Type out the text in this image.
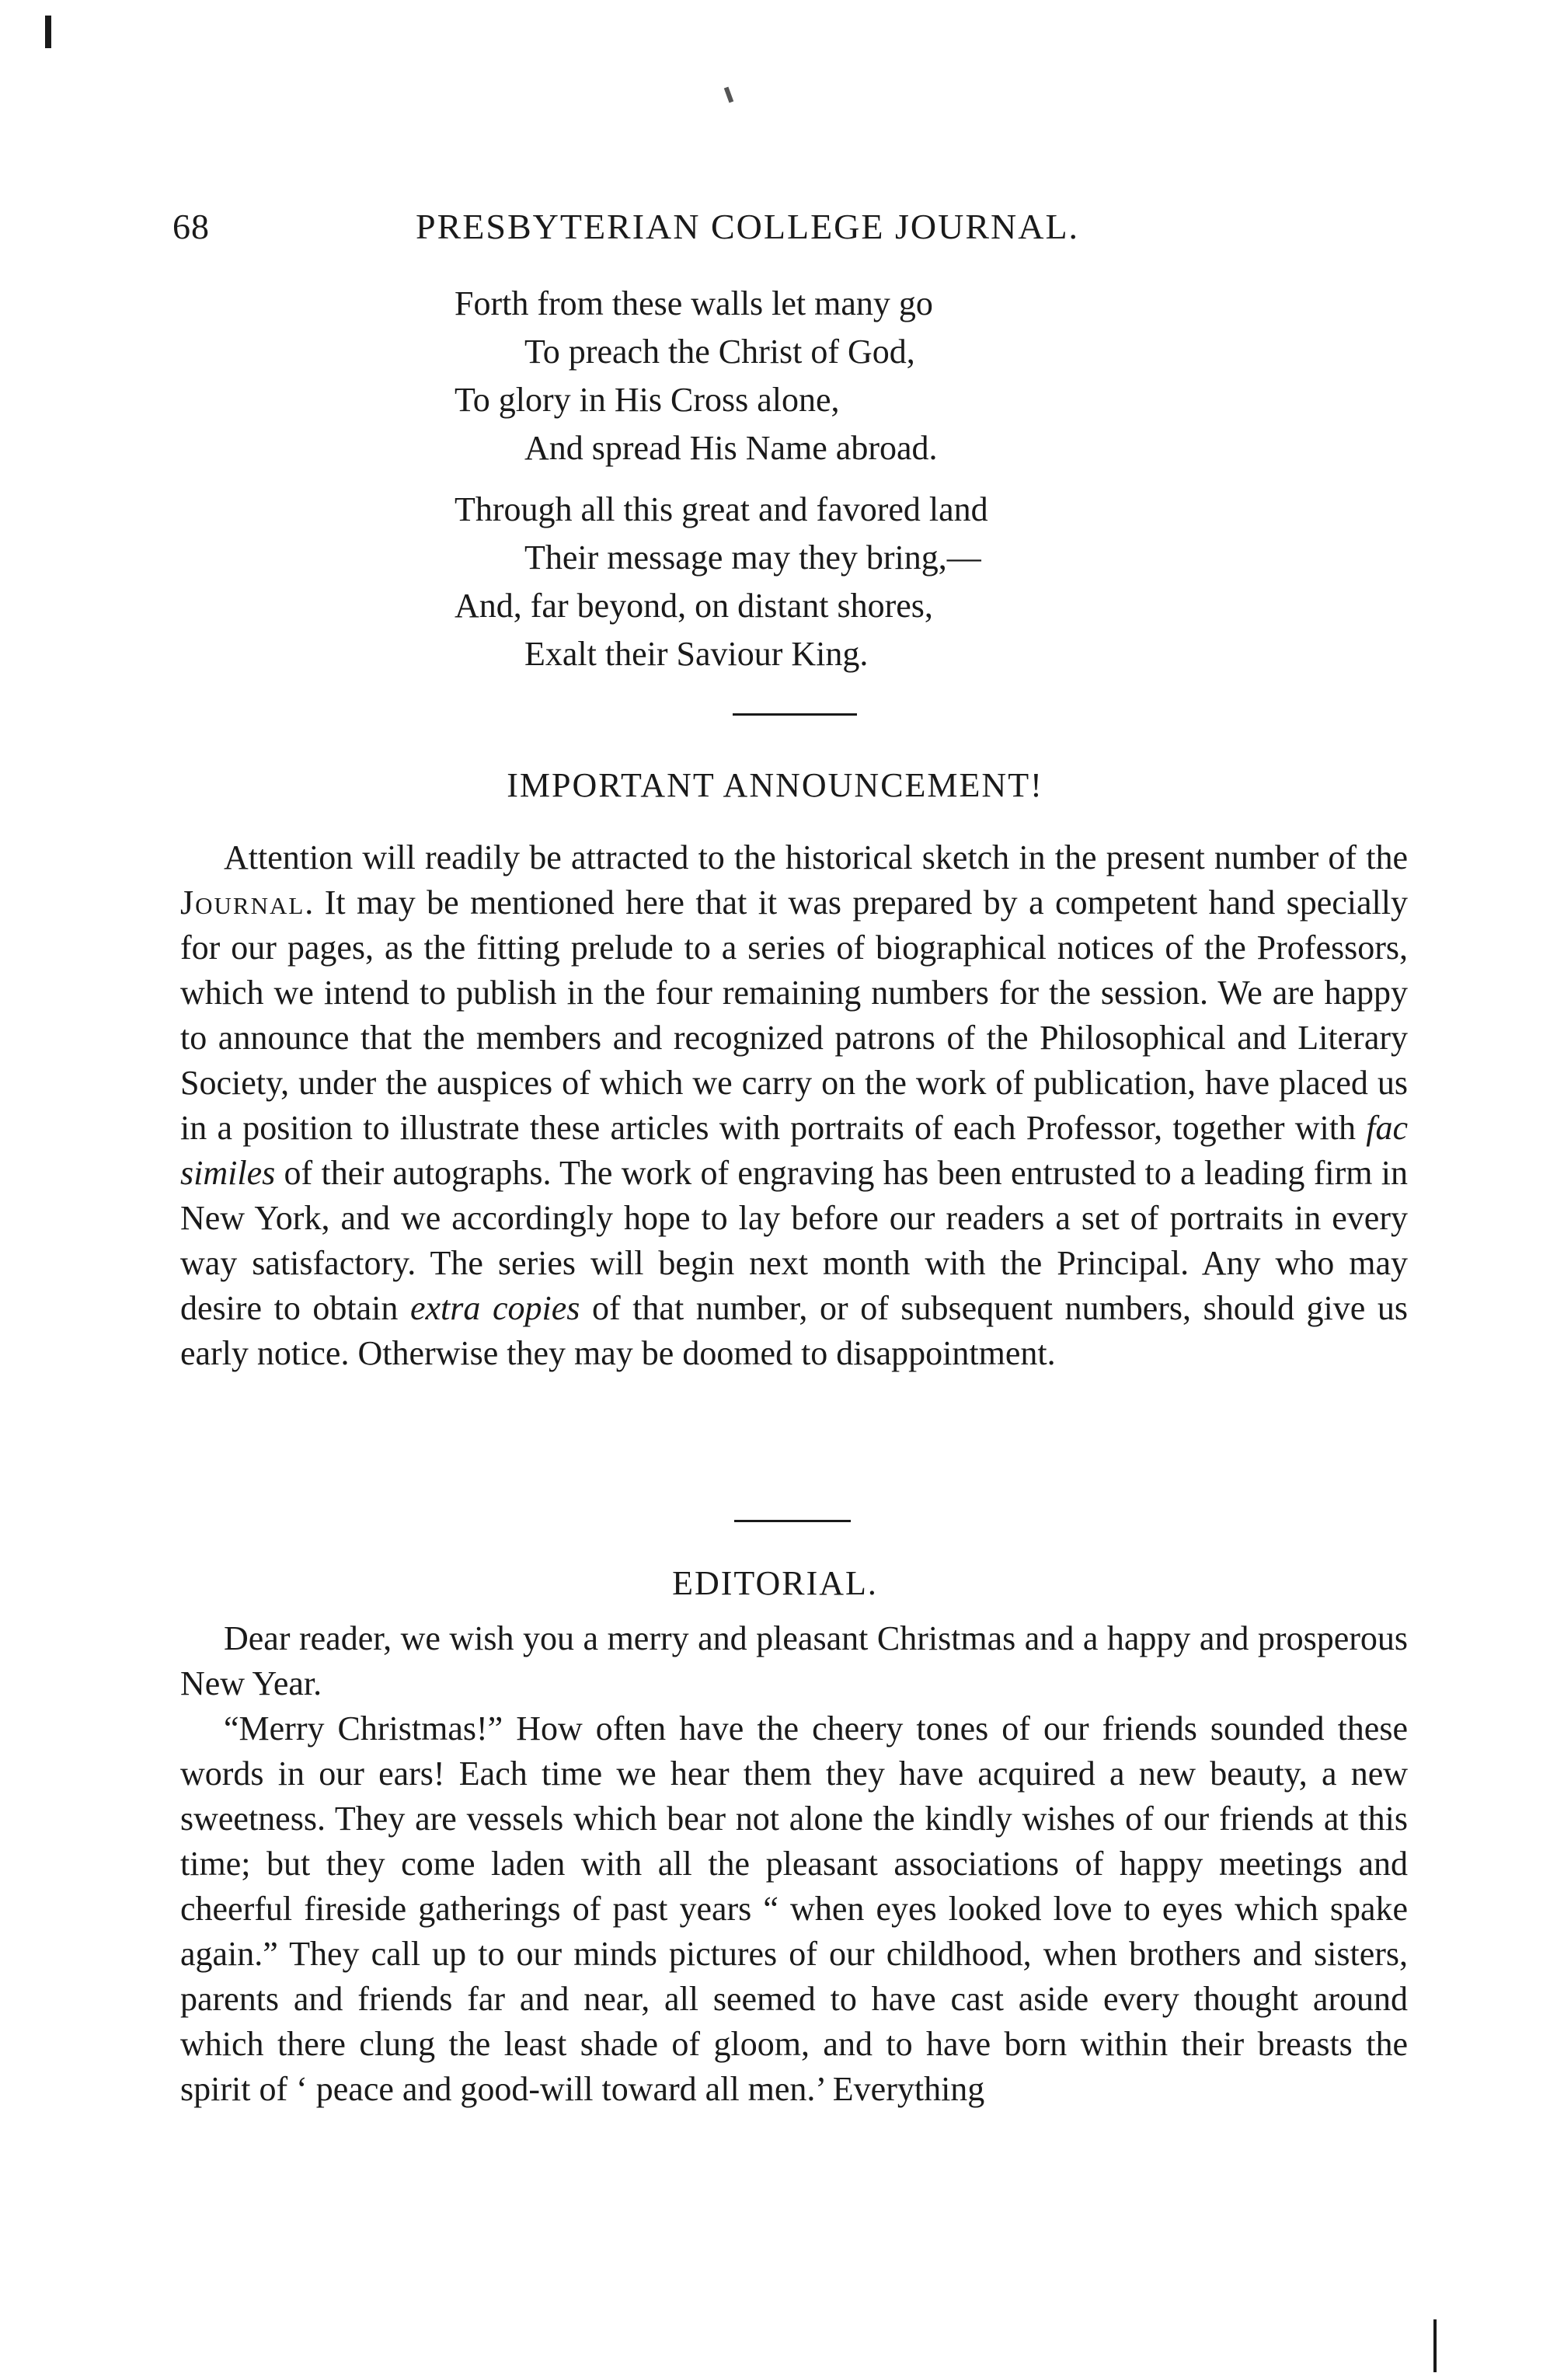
68	PRESBYTERIAN COLLEGE JOURNAL.
Forth from these walls let many go
To preach the Christ of God,
To glory in His Cross alone,
And spread His Name abroad.
Through all this great and favored land
Their message may they bring,—
And, far beyond, on distant shores,
Exalt their Saviour King.
IMPORTANT ANNOUNCEMENT!

Attention will readily be attracted to the historical sketch in the present number of the Journal. It may be mentioned here that it was prepared by a competent hand specially for our pages, as the fitting prelude to a series of biographical notices of the Professors, which we intend to publish in the four remaining numbers for the session. We are happy to announce that the members and recognized patrons of the Philosophical and Literary Society, under the auspices of which we carry on the work of publication, have placed us in a position to illustrate these articles with portraits of each Professor, together with fac similes of their autographs. The work of engraving has been entrusted to a leading firm in New York, and we accordingly hope to lay before our readers a set of portraits in every way satisfactory. The series will begin next month with the Principal. Any who may desire to obtain extra copies of that number, or of subsequent numbers, should give us early notice. Otherwise they may be doomed to disappointment.

EDITORIAL.

Dear reader, we wish you a merry and pleasant Christmas and a happy and prosperous New Year.

“Merry Christmas!” How often have the cheery tones of our friends sounded these words in our ears! Each time we hear them they have acquired a new beauty, a new sweetness. They are vessels which bear not alone the kindly wishes of our friends at this time; but they come laden with all the pleasant associations of happy meetings and cheerful fireside gatherings of past years “ when eyes looked love to eyes which spake again.” They call up to our minds pictures of our childhood, when brothers and sisters, parents and friends far and near, all seemed to have cast aside every thought around which there clung the least shade of gloom, and to have born within their breasts the spirit of ‘ peace and good-will toward all men.’ Everything
